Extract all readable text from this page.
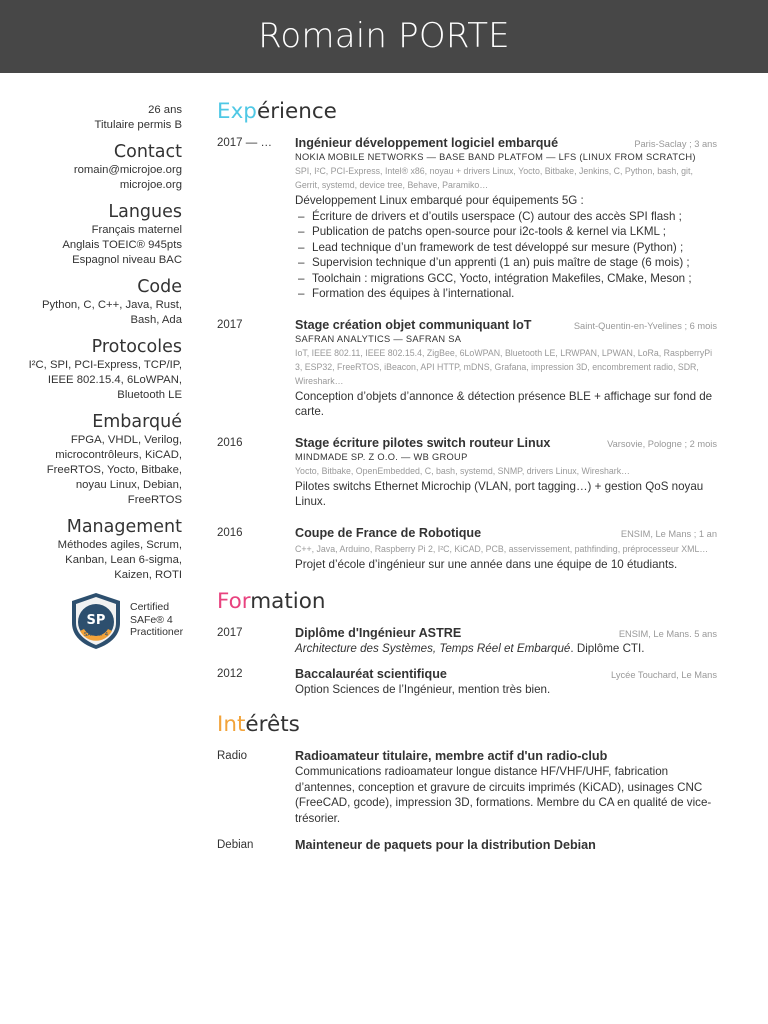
Romain PORTE
26 ans
Titulaire permis B
Contact
romain@microjoe.org
microjoe.org
Langues
Français maternel
Anglais TOEIC® 945pts
Espagnol niveau BAC
Code
Python, C, C++, Java, Rust,
Bash, Ada
Protocoles
I²C, SPI, PCI-Express, TCP/IP,
IEEE 802.15.4, 6LoWPAN,
Bluetooth LE
Embarqué
FPGA, VHDL, Verilog,
microcontrôleurs, KiCAD,
FreeRTOS, Yocto, Bitbake,
noyau Linux, Debian,
FreeRTOS
Management
Méthodes agiles, Scrum,
Kanban, Lean 6-sigma,
Kaizen, ROTI
SP
SAFe® 4
Certified
SAFe® 4
Practitioner
Expérience
2017 — … Ingénieur développement logiciel embarqué	Paris-Saclay ; 3 ans
NOKIA MOBILE NETWORKS — BASE BAND PLATFOM — LFS (LINUX FROM SCRATCH)
SPI, I²C, PCI-Express, Intel® x86, noyau + drivers Linux, Yocto, Bitbake, Jenkins, C, Python, bash, git, Gerrit, systemd, device tree, Behave, Paramiko…
Développement Linux embarqué pour équipements 5G :
– Écriture de drivers et d’outils userspace (C) autour des accès SPI flash ;
– Publication de patchs open-source pour i2c-tools & kernel via LKML ;
– Lead technique d’un framework de test développé sur mesure (Python) ;
– Supervision technique d’un apprenti (1 an) puis maître de stage (6 mois) ;
– Toolchain : migrations GCC, Yocto, intégration Makefiles, CMake, Meson ;
– Formation des équipes à l’international.
2017	Stage création objet communiquant IoT	Saint-Quentin-en-Yvelines ; 6 mois
SAFRAN ANALYTICS — SAFRAN SA
IoT, IEEE 802.11, IEEE 802.15.4, ZigBee, 6LoWPAN, Bluetooth LE, LRWPAN, LPWAN, LoRa, RaspberryPi 3, ESP32, FreeRTOS, iBeacon, API HTTP, mDNS, Grafana, impression 3D, encombrement radio, SDR, Wireshark…
Conception d’objets d’annonce & détection présence BLE + affichage sur fond de carte.
2016	Stage écriture pilotes switch routeur Linux	Varsovie, Pologne ; 2 mois
MINDMADE SP. Z O.O. — WB GROUP
Yocto, Bitbake, OpenEmbedded, C, bash, systemd, SNMP, drivers Linux, Wireshark…
Pilotes switchs Ethernet Microchip (VLAN, port tagging…) + gestion QoS noyau Linux.
2016	Coupe de France de Robotique	ENSIM, Le Mans ; 1 an
C++, Java, Arduino, Raspberry Pi 2, I²C, KiCAD, PCB, asservissement, pathfinding, préprocesseur XML…
Projet d’école d’ingénieur sur une année dans une équipe de 10 étudiants.
Formation
2017	Diplôme d'Ingénieur ASTRE	ENSIM, Le Mans. 5 ans
Architecture des Systèmes, Temps Réel et Embarqué. Diplôme CTI.
2012	Baccalauréat scientifique	Lycée Touchard, Le Mans
Option Sciences de l’Ingénieur, mention très bien.
Intérêts
Radio	Radioamateur titulaire, membre actif d'un radio-club
Communications radioamateur longue distance HF/VHF/UHF, fabrication d’antennes, conception et gravure de circuits imprimés (KiCAD), usinages CNC (FreeCAD, gcode), impression 3D, formations. Membre du CA en qualité de vice-trésorier.
Debian	Mainteneur de paquets pour la distribution Debian
